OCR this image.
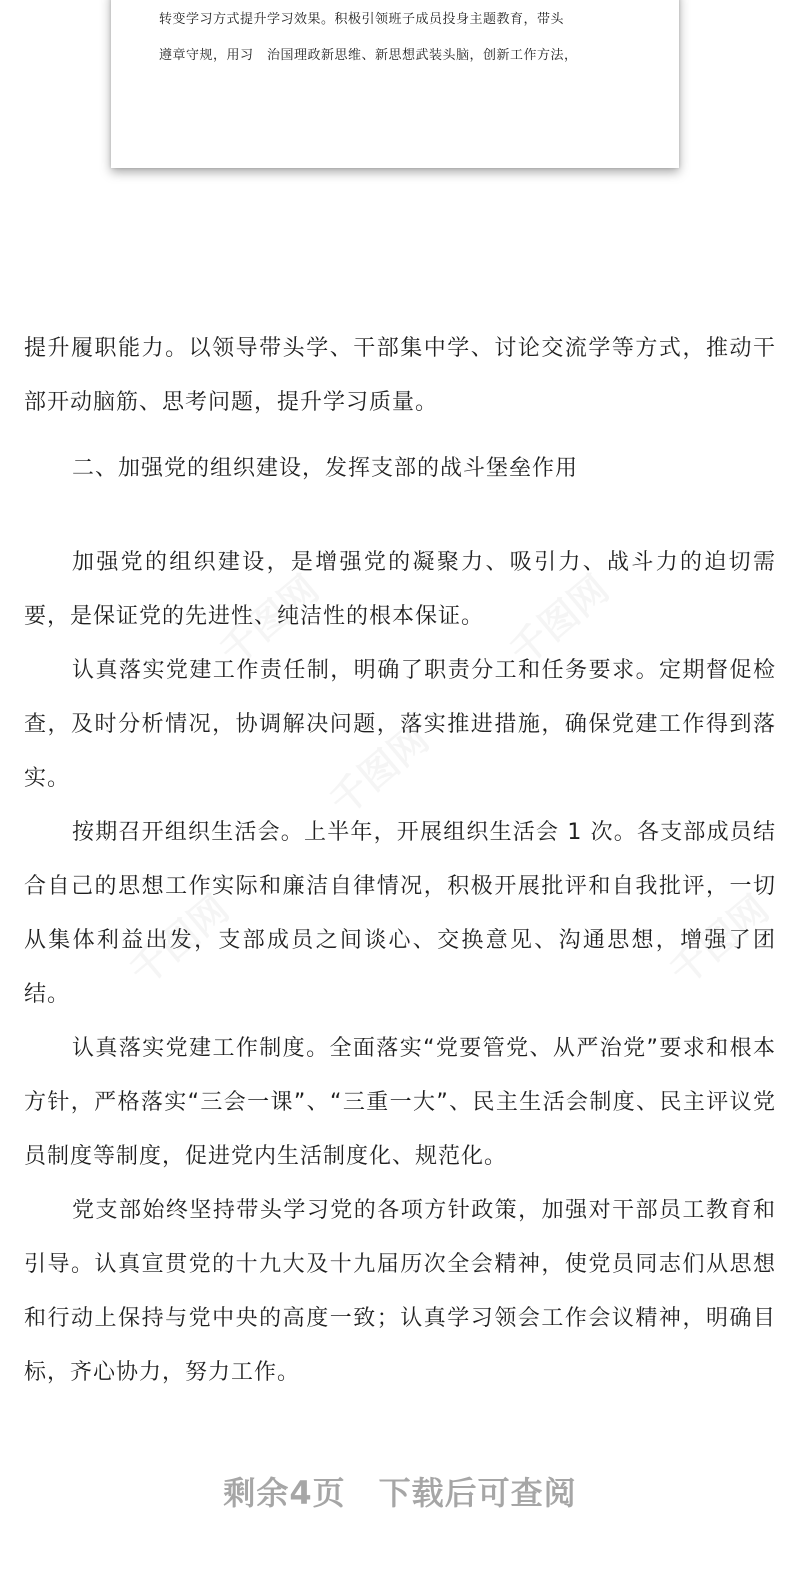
转变学习方式提升学习效果。积极引领班子成员投身主题教育，带头
遵章守规，用习　治国理政新思维、新思想武装头脑，创新工作方法，
千图网	千图网
千图网
千图网	千图网

提升履职能力。以领导带头学、干部集中学、讨论交流学等方式，推动干部开动脑筋、思考问题，提升学习质量。

二、加强党的组织建设，发挥支部的战斗堡垒作用

加强党的组织建设，是增强党的凝聚力、吸引力、战斗力的迫切需要，是保证党的先进性、纯洁性的根本保证。

认真落实党建工作责任制，明确了职责分工和任务要求。定期督促检查，及时分析情况，协调解决问题，落实推进措施，确保党建工作得到落实。

按期召开组织生活会。上半年，开展组织生活会 1 次。各支部成员结合自己的思想工作实际和廉洁自律情况，积极开展批评和自我批评，一切从集体利益出发，支部成员之间谈心、交换意见、沟通思想，增强了团结。

认真落实党建工作制度。全面落实“党要管党、从严治党”要求和根本方针，严格落实“三会一课”、“三重一大”、民主生活会制度、民主评议党员制度等制度，促进党内生活制度化、规范化。

党支部始终坚持带头学习党的各项方针政策，加强对干部员工教育和引导。认真宣贯党的十九大及十九届历次全会精神，使党员同志们从思想和行动上保持与党中央的高度一致；认真学习领会工作会议精神，明确目标，齐心协力，努力工作。

剩余4页　下载后可查阅
